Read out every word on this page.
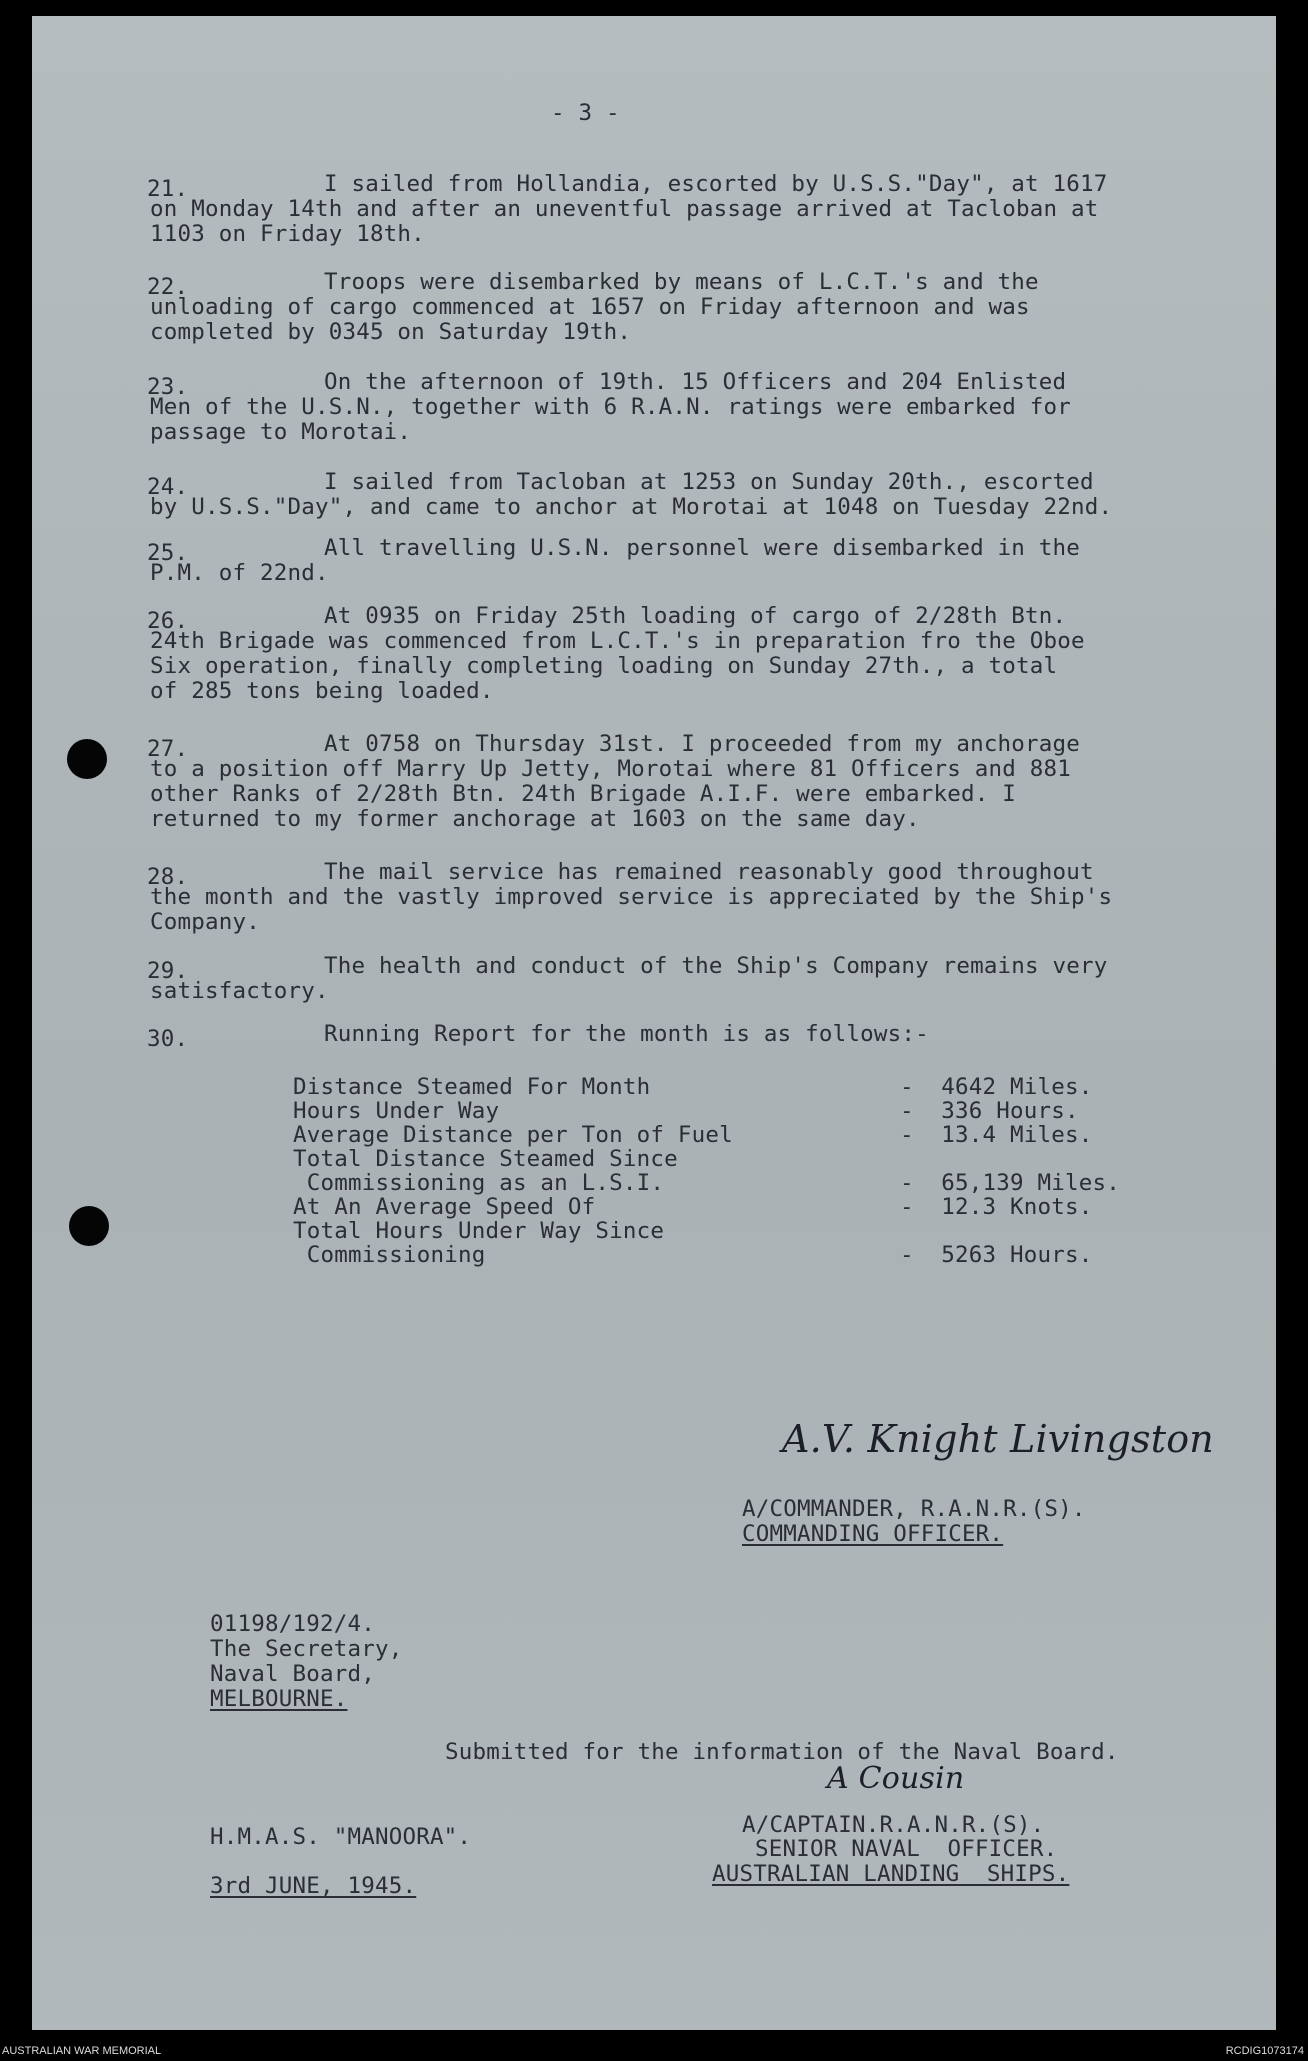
- 3 -
21.	I sailed from Hollandia, escorted by U.S.S."Day", at 1617
on Monday 14th and after an uneventful passage arrived at Tacloban at
1103 on Friday 18th.
22.	Troops were disembarked by means of L.C.T.'s and the
unloading of cargo commenced at 1657 on Friday afternoon and was
completed by 0345 on Saturday 19th.
23.	On the afternoon of 19th. 15 Officers and 204 Enlisted
Men of the U.S.N., together with 6 R.A.N. ratings were embarked for
passage to Morotai.
24.	I sailed from Tacloban at 1253 on Sunday 20th., escorted
by U.S.S."Day", and came to anchor at Morotai at 1048 on Tuesday 22nd.
25.	All travelling U.S.N. personnel were disembarked in the
P.M. of 22nd.
26.	At 0935 on Friday 25th loading of cargo of 2/28th Btn.
24th Brigade was commenced from L.C.T.'s in preparation fro the Oboe
Six operation, finally completing loading on Sunday 27th., a total
of 285 tons being loaded.
27.	At 0758 on Thursday 31st. I proceeded from my anchorage
to a position off Marry Up Jetty, Morotai where 81 Officers and 881
other Ranks of 2/28th Btn. 24th Brigade A.I.F. were embarked. I
returned to my former anchorage at 1603 on the same day.
28.	The mail service has remained reasonably good throughout
the month and the vastly improved service is appreciated by the Ship's
Company.
29.	The health and conduct of the Ship's Company remains very
satisfactory.
30.	Running Report for the month is as follows:-
Distance Steamed For Month	-  4642 Miles.
Hours Under Way	-  336 Hours.
Average Distance per Ton of Fuel	-  13.4 Miles.
Total Distance Steamed Since
Commissioning as an L.S.I.	-  65,139 Miles.
At An Average Speed Of	-  12.3 Knots.
Total Hours Under Way Since
Commissioning	-  5263 Hours.
A.V. Knight Livingston
A/COMMANDER, R.A.N.R.(S).
COMMANDING OFFICER.
01198/192/4.
The Secretary,
Naval Board,
MELBOURNE.
Submitted for the information of the Naval Board.
A Cousin
A/CAPTAIN.R.A.N.R.(S).
SENIOR NAVAL  OFFICER.
AUSTRALIAN LANDING  SHIPS.
H.M.A.S. "MANOORA".
3rd JUNE, 1945.
AUSTRALIAN WAR MEMORIAL	RCDIG1073174
